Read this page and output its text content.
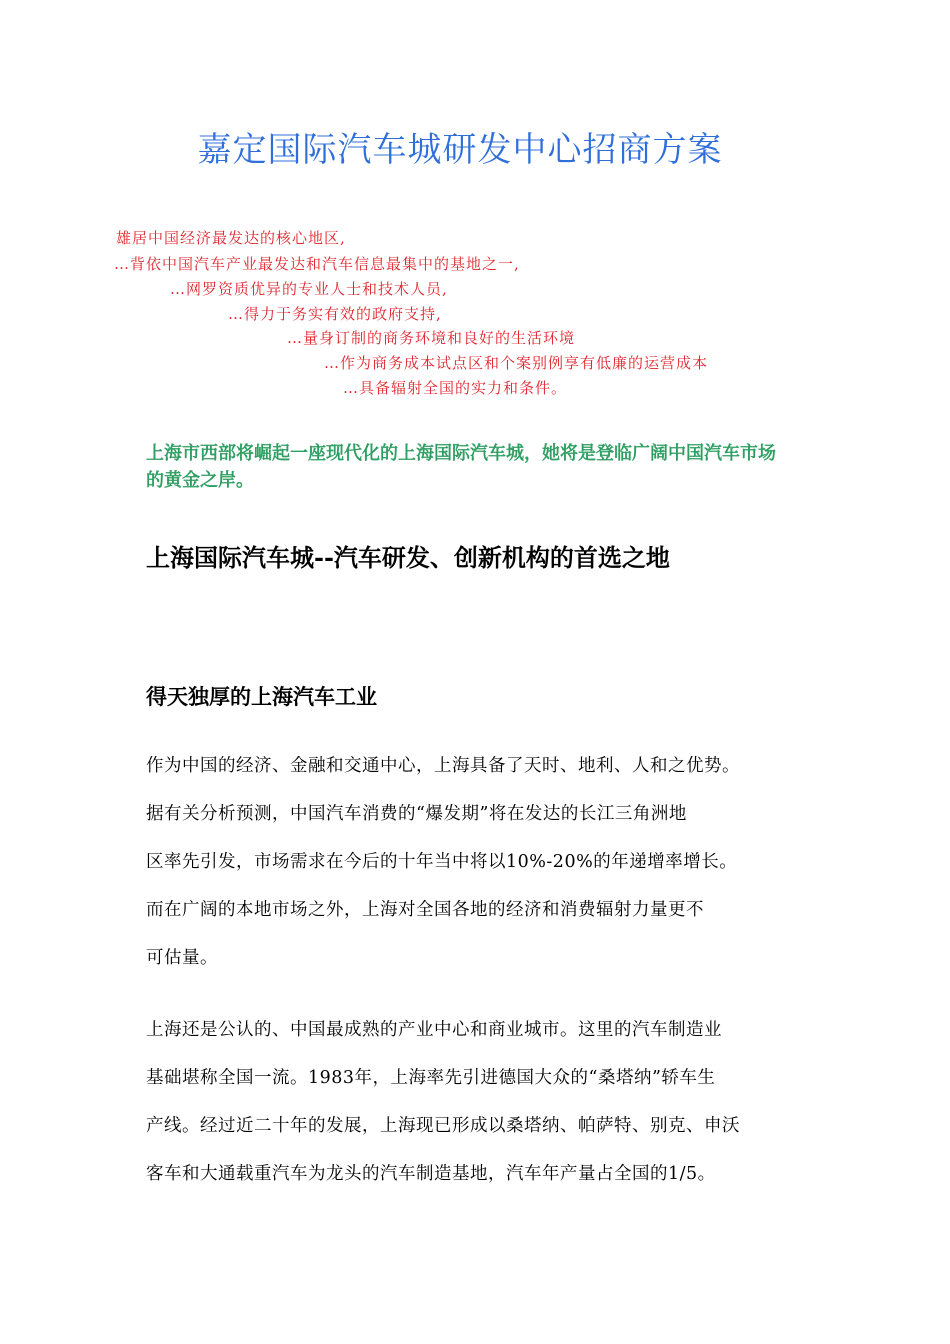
嘉定国际汽车城研发中心招商方案
雄居中国经济最发达的核心地区,
…背依中国汽车产业最发达和汽车信息最集中的基地之一,
…网罗资质优异的专业人士和技术人员,
…得力于务实有效的政府支持,
…量身订制的商务环境和良好的生活环境
…作为商务成本试点区和个案别例享有低廉的运营成本
…具备辐射全国的实力和条件。
上海市西部将崛起一座现代化的上海国际汽车城，她将是登临广阔中国汽车市场的黄金之岸。
上海国际汽车城--汽车研发、创新机构的首选之地
得天独厚的上海汽车工业
作为中国的经济、金融和交通中心，上海具备了天时、地利、人和之优势。
据有关分析预测，中国汽车消费的“爆发期”将在发达的长江三角洲地
区率先引发，市场需求在今后的十年当中将以10%-20%的年递增率增长。
而在广阔的本地市场之外，上海对全国各地的经济和消费辐射力量更不
可估量。
上海还是公认的、中国最成熟的产业中心和商业城市。这里的汽车制造业
基础堪称全国一流。1983年，上海率先引进德国大众的“桑塔纳”轿车生
产线。经过近二十年的发展，上海现已形成以桑塔纳、帕萨特、别克、申沃
客车和大通载重汽车为龙头的汽车制造基地，汽车年产量占全国的1/5。
